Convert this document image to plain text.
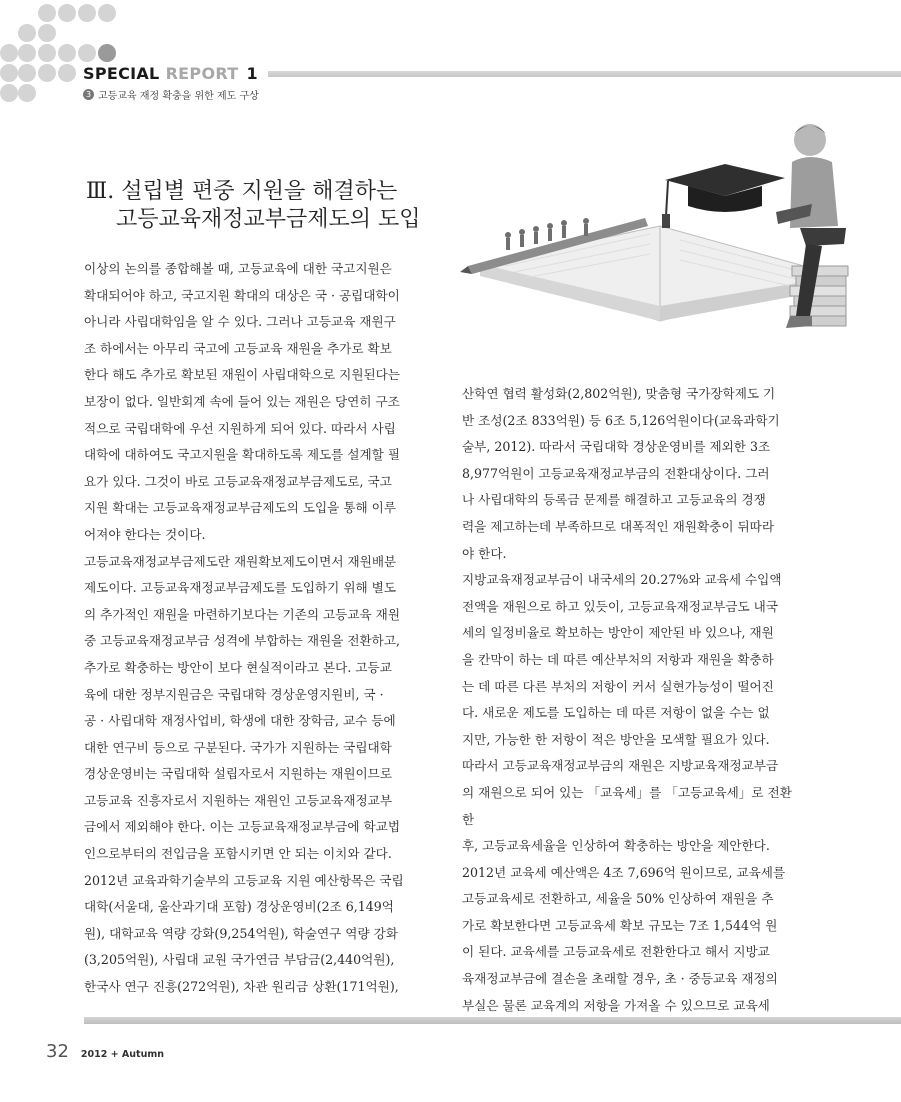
SPECIAL REPORT 1
3 고등교육 재정 확충을 위한 제도 구상
Ⅲ. 설립별 편중 지원을 해결하는
고등교육재정교부금제도의 도입

이상의 논의를 종합해볼 때, 고등교육에 대한 국고지원은

확대되어야 하고, 국고지원 확대의 대상은 국 · 공립대학이

아니라 사립대학임을 알 수 있다. 그러나 고등교육 재원구

조 하에서는 아무리 국고에 고등교육 재원을 추가로 확보

한다 해도 추가로 확보된 재원이 사립대학으로 지원된다는

보장이 없다. 일반회계 속에 들어 있는 재원은 당연히 구조

적으로 국립대학에 우선 지원하게 되어 있다. 따라서 사립

대학에 대하여도 국고지원을 확대하도록 제도를 설계할 필

요가 있다. 그것이 바로 고등교육재정교부금제도로, 국고

지원 확대는 고등교육재정교부금제도의 도입을 통해 이루

어져야 한다는 것이다.

고등교육재정교부금제도란 재원확보제도이면서 재원배분

제도이다. 고등교육재정교부금제도를 도입하기 위해 별도

의 추가적인 재원을 마련하기보다는 기존의 고등교육 재원

중 고등교육재정교부금 성격에 부합하는 재원을 전환하고,

추가로 확충하는 방안이 보다 현실적이라고 본다. 고등교

육에 대한 정부지원금은 국립대학 경상운영지원비, 국 ·

공 · 사립대학 재정사업비, 학생에 대한 장학금, 교수 등에

대한 연구비 등으로 구분된다. 국가가 지원하는 국립대학

경상운영비는 국립대학 설립자로서 지원하는 재원이므로

고등교육 진흥자로서 지원하는 재원인 고등교육재정교부

금에서 제외해야 한다. 이는 고등교육재정교부금에 학교법

인으로부터의 전입금을 포함시키면 안 되는 이치와 같다.

2012년 교육과학기술부의 고등교육 지원 예산항목은 국립

대학(서울대, 울산과기대 포함) 경상운영비(2조 6,149억

원), 대학교육 역량 강화(9,254억원), 학술연구 역량 강화

(3,205억원), 사립대 교원 국가연금 부담금(2,440억원),

한국사 연구 진흥(272억원), 차관 원리금 상환(171억원),

산학연 협력 활성화(2,802억원), 맞춤형 국가장학제도 기

반 조성(2조 833억원) 등 6조 5,126억원이다(교육과학기

술부, 2012). 따라서 국립대학 경상운영비를 제외한 3조

8,977억원이 고등교육재정교부금의 전환대상이다. 그러

나 사립대학의 등록금 문제를 해결하고 고등교육의 경쟁

력을 제고하는데 부족하므로 대폭적인 재원확충이 뒤따라

야 한다.

지방교육재정교부금이 내국세의 20.27%와 교육세 수입액

전액을 재원으로 하고 있듯이, 고등교육재정교부금도 내국

세의 일정비율로 확보하는 방안이 제안된 바 있으나, 재원

을 칸막이 하는 데 따른 예산부처의 저항과 재원을 확충하

는 데 따른 다른 부처의 저항이 커서 실현가능성이 떨어진

다. 새로운 제도를 도입하는 데 따른 저항이 없을 수는 없

지만, 가능한 한 저항이 적은 방안을 모색할 필요가 있다.

따라서 고등교육재정교부금의 재원은 지방교육재정교부금

의 재원으로 되어 있는 「교육세」를 「고등교육세」로 전환한

후, 고등교육세율을 인상하여 확충하는 방안을 제안한다.

2012년 교육세 예산액은 4조 7,696억 원이므로, 교육세를

고등교육세로 전환하고, 세율을 50% 인상하여 재원을 추

가로 확보한다면 고등교육세 확보 규모는 7조 1,544억 원

이 된다. 교육세를 고등교육세로 전환한다고 해서 지방교

육재정교부금에 결손을 초래할 경우, 초 · 중등교육 재정의

부실은 물론 교육계의 저항을 가져올 수 있으므로 교육세

32 2012 + Autumn
